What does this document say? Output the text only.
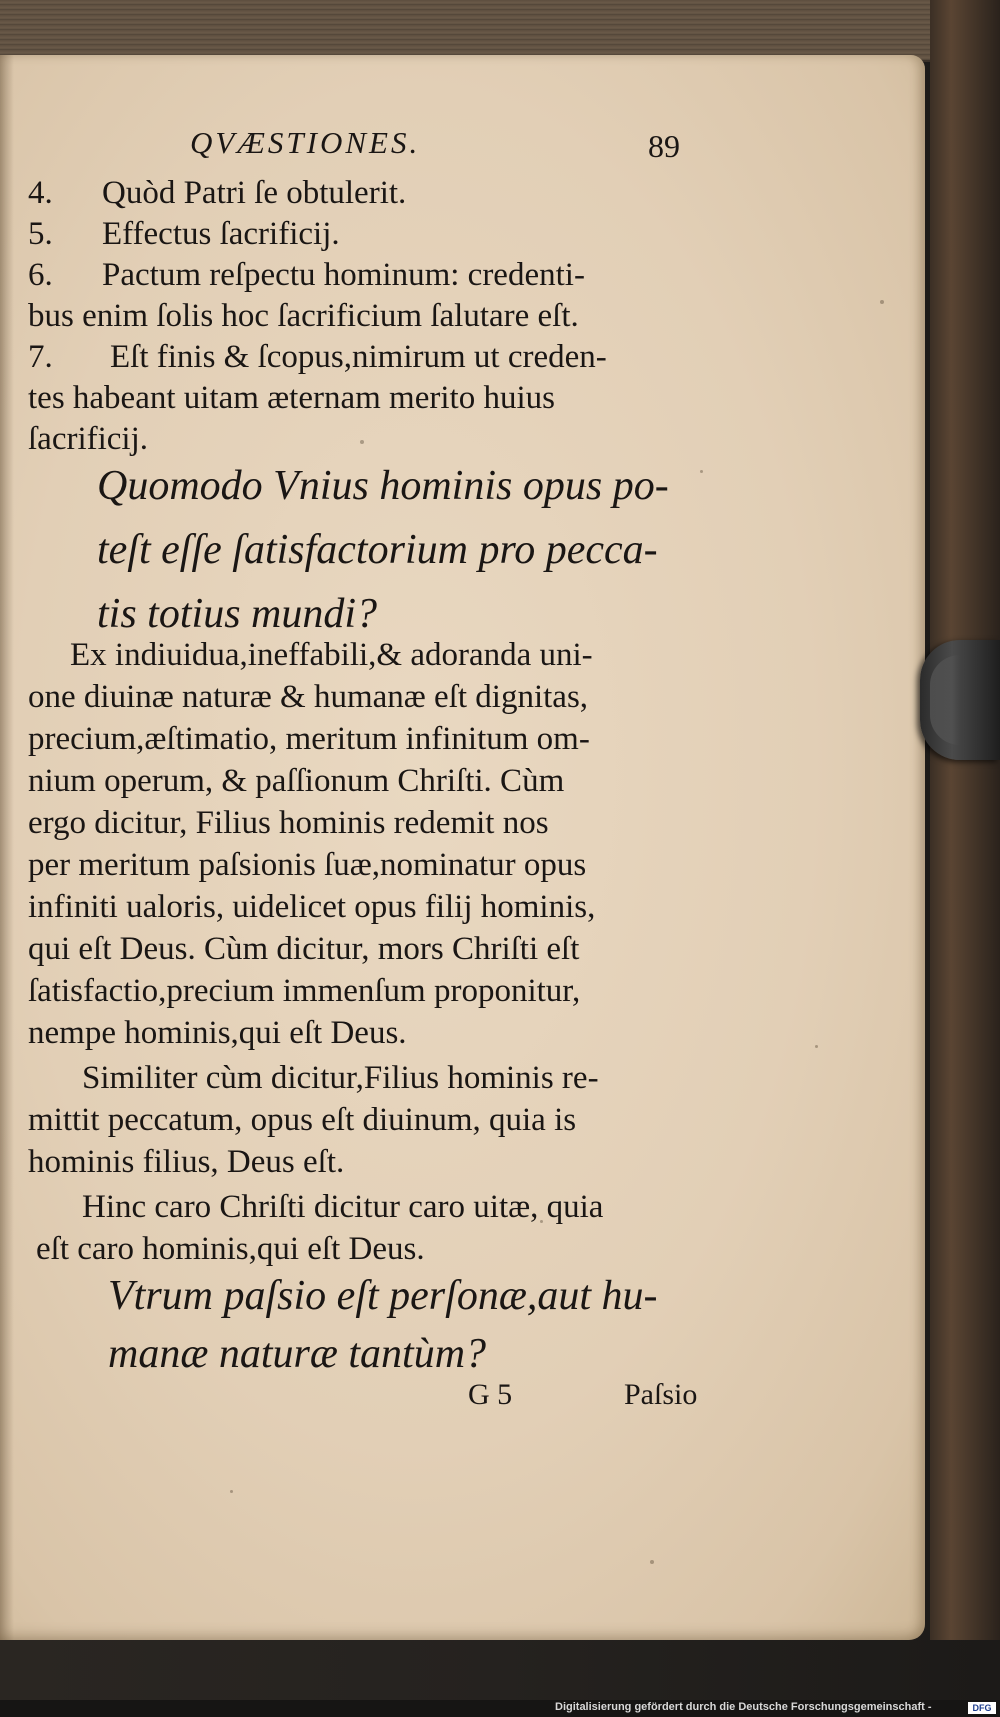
QVÆSTIONES.	89
4. Quòd Patri ſe obtulerit.
5. Effectus ſacrificij.
6. Pactum reſpectu hominum: credenti-
bus enim ſolis hoc ſacrificium ſalutare eſt.
7. Eſt finis & ſcopus,nimirum ut creden-
tes habeant uitam æternam merito huius
ſacrificij.
Quomodo Vnius hominis opus po-
teſt eſſe ſatisfactorium pro pecca-
tis totius mundi?
Ex indiuidua,ineffabili,& adoranda uni-
one diuinæ naturæ & humanæ eſt dignitas,
precium,æſtimatio, meritum infinitum om-
nium operum, & paſſionum Chriſti. Cùm
ergo dicitur, Filius hominis redemit nos
per meritum paſsionis ſuæ,nominatur opus
infiniti ualoris, uidelicet opus filij hominis,
qui eſt Deus. Cùm dicitur, mors Chriſti eſt
ſatisfactio,precium immenſum proponitur,
nempe hominis,qui eſt Deus.
Similiter cùm dicitur,Filius hominis re-
mittit peccatum, opus eſt diuinum, quia is
hominis filius, Deus eſt.
Hinc caro Chriſti dicitur caro uitæ, quia
eſt caro hominis,qui eſt Deus.
Vtrum paſsio eſt perſonæ,aut hu-
manæ naturæ tantùm?
G 5	Paſsio
Digitalisierung gefördert durch die Deutsche Forschungsgemeinschaft -	DFG
